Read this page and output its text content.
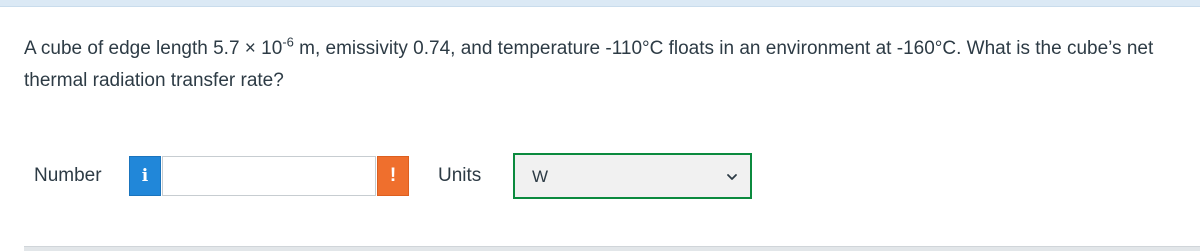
A cube of edge length $5.7 \times 10^{-6}$ m, emissivity 0.74, and temperature -110°C floats in an environment at -160°C. What is the cube’s net thermal radiation transfer rate?
Number i	! Units	W
